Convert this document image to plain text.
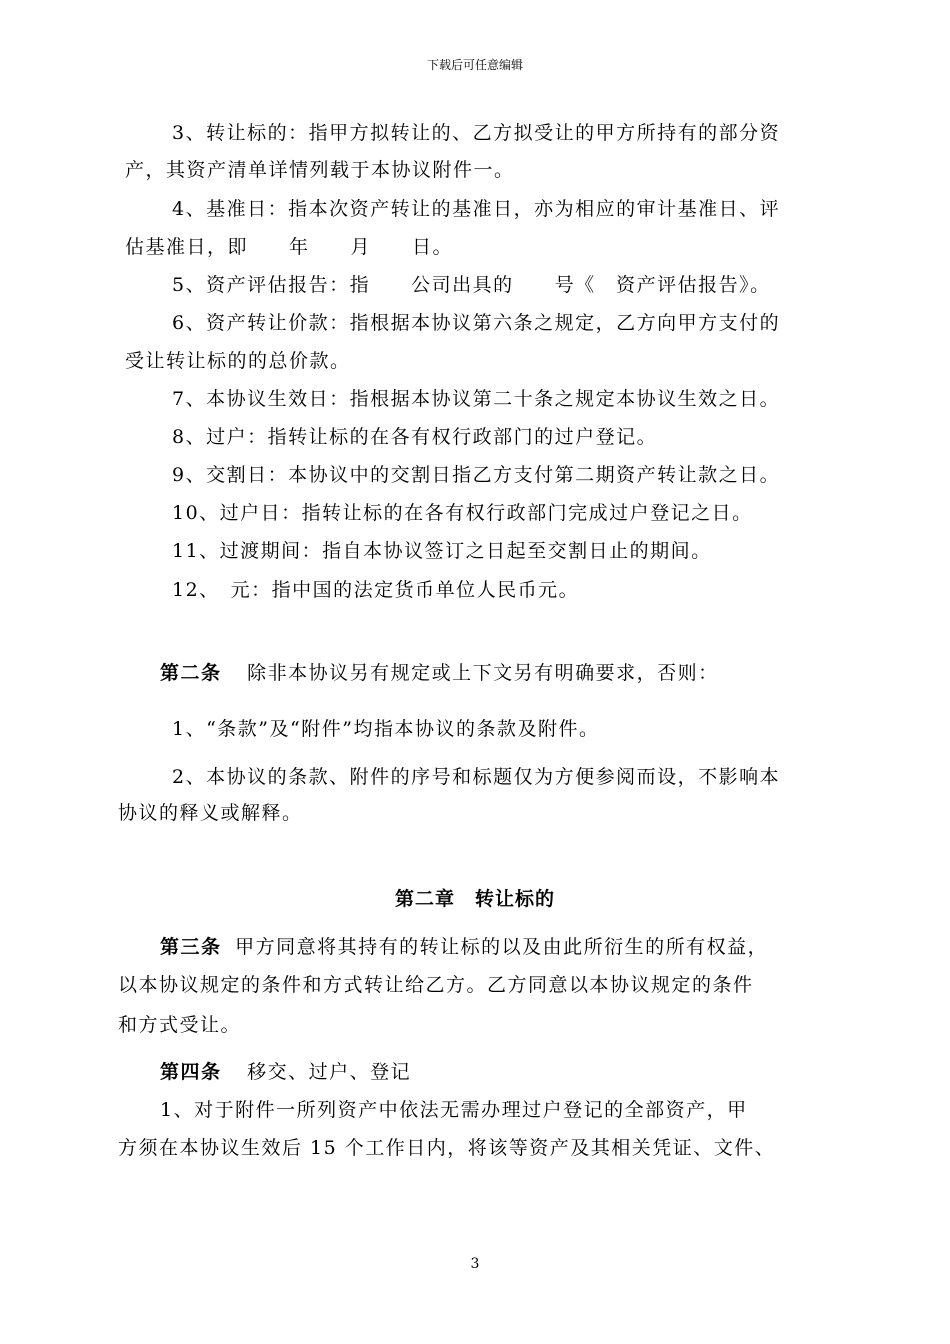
下载后可任意编辑
3、转让标的：指甲方拟转让的、乙方拟受让的甲方所持有的部分资
产，其资产清单详情列载于本协议附件一。
4、基准日：指本次资产转让的基准日，亦为相应的审计基准日、评
估基准日，即　　年　　月　　日。
5、资产评估报告：指　　公司出具的　　号《　资产评估报告》。
6、资产转让价款：指根据本协议第六条之规定，乙方向甲方支付的
受让转让标的的总价款。
7、本协议生效日：指根据本协议第二十条之规定本协议生效之日。
8、过户：指转让标的在各有权行政部门的过户登记。
9、交割日：本协议中的交割日指乙方支付第二期资产转让款之日。
10、过户日：指转让标的在各有权行政部门完成过户登记之日。
11、过渡期间：指自本协议签订之日起至交割日止的期间。
12、　元：指中国的法定货币单位人民币元。
第二条 除非本协议另有规定或上下文另有明确要求，否则：
1、“条款”及“附件”均指本协议的条款及附件。
2、本协议的条款、附件的序号和标题仅为方便参阅而设，不影响本
协议的释义或解释。
第二章　转让标的
第三条 甲方同意将其持有的转让标的以及由此所衍生的所有权益，
以本协议规定的条件和方式转让给乙方。乙方同意以本协议规定的条件
和方式受让。
第四条 移交、过户、登记
1、对于附件一所列资产中依法无需办理过户登记的全部资产，甲
方须在本协议生效后 15 个工作日内，将该等资产及其相关凭证、文件、
3
